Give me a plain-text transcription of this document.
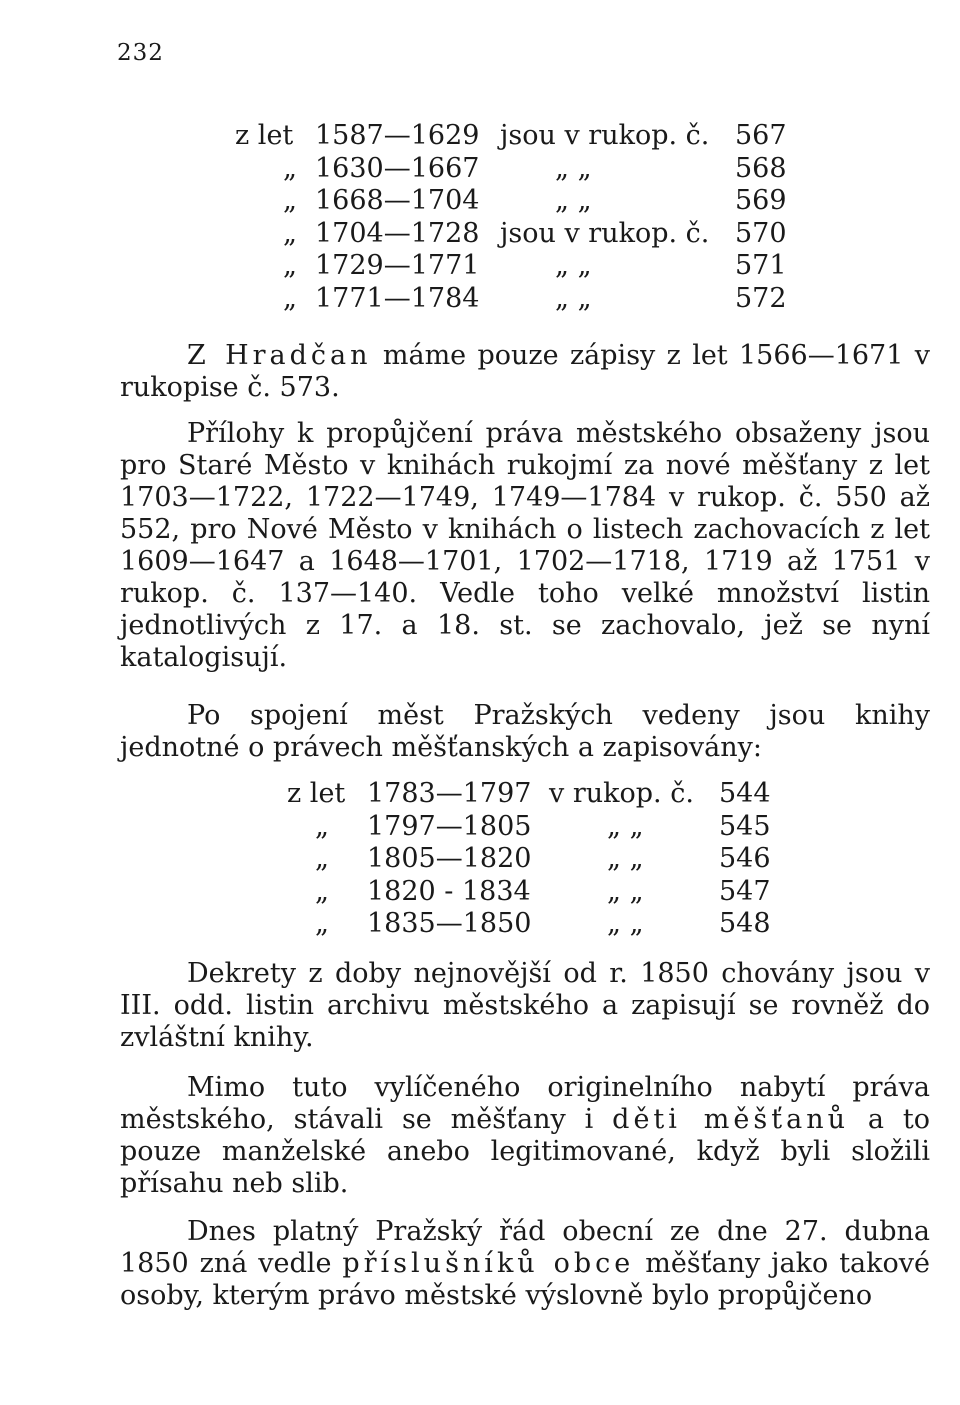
232
z let 1587—1629 jsou v rukop. č. 567
„ 1630—1667	„ „	568
„ 1668—1704	„ „	569
„ 1704—1728 jsou v rukop. č. 570
„ 1729—1771	„ „	571
„ 1771—1784	„ „	572

Z Hradčan máme pouze zápisy z let 1566—1671 v rukopise č. 573.

Přílohy k propůjčení práva městského obsaženy jsou pro Staré Město v knihách rukojmí za nové měšťany z let 1703—1722, 1722—1749, 1749—1784 v rukop. č. 550 až 552, pro Nové Město v knihách o listech zachovacích z let 1609—1647 a 1648—1701, 1702—1718, 1719 až 1751 v rukop. č. 137—140. Vedle toho velké množství listin jednotlivých z 17. a 18. st. se zachovalo, jež se nyní katalogisují.

Po spojení měst Pražských vedeny jsou knihy jednotné o právech měšťanských a zapisovány:

z let 1783—1797 v rukop. č. 544
„ 1797—1805	„ „	545
„ 1805—1820	„ „	546
„ 1820 - 1834	„ „	547
„ 1835—1850	„ „	548

Dekrety z doby nejnovější od r. 1850 chovány jsou v III. odd. listin archivu městského a zapisují se rovněž do zvláštní knihy.

Mimo tuto vylíčeného originelního nabytí práva městského, stávali se měšťany i děti měšťanů a to pouze manželské anebo legitimované, když byli složili přísahu neb slib.

Dnes platný Pražský řád obecní ze dne 27. dubna 1850 zná vedle příslušníků obce měšťany jako takové osoby, kterým právo městské výslovně bylo propůjčeno
